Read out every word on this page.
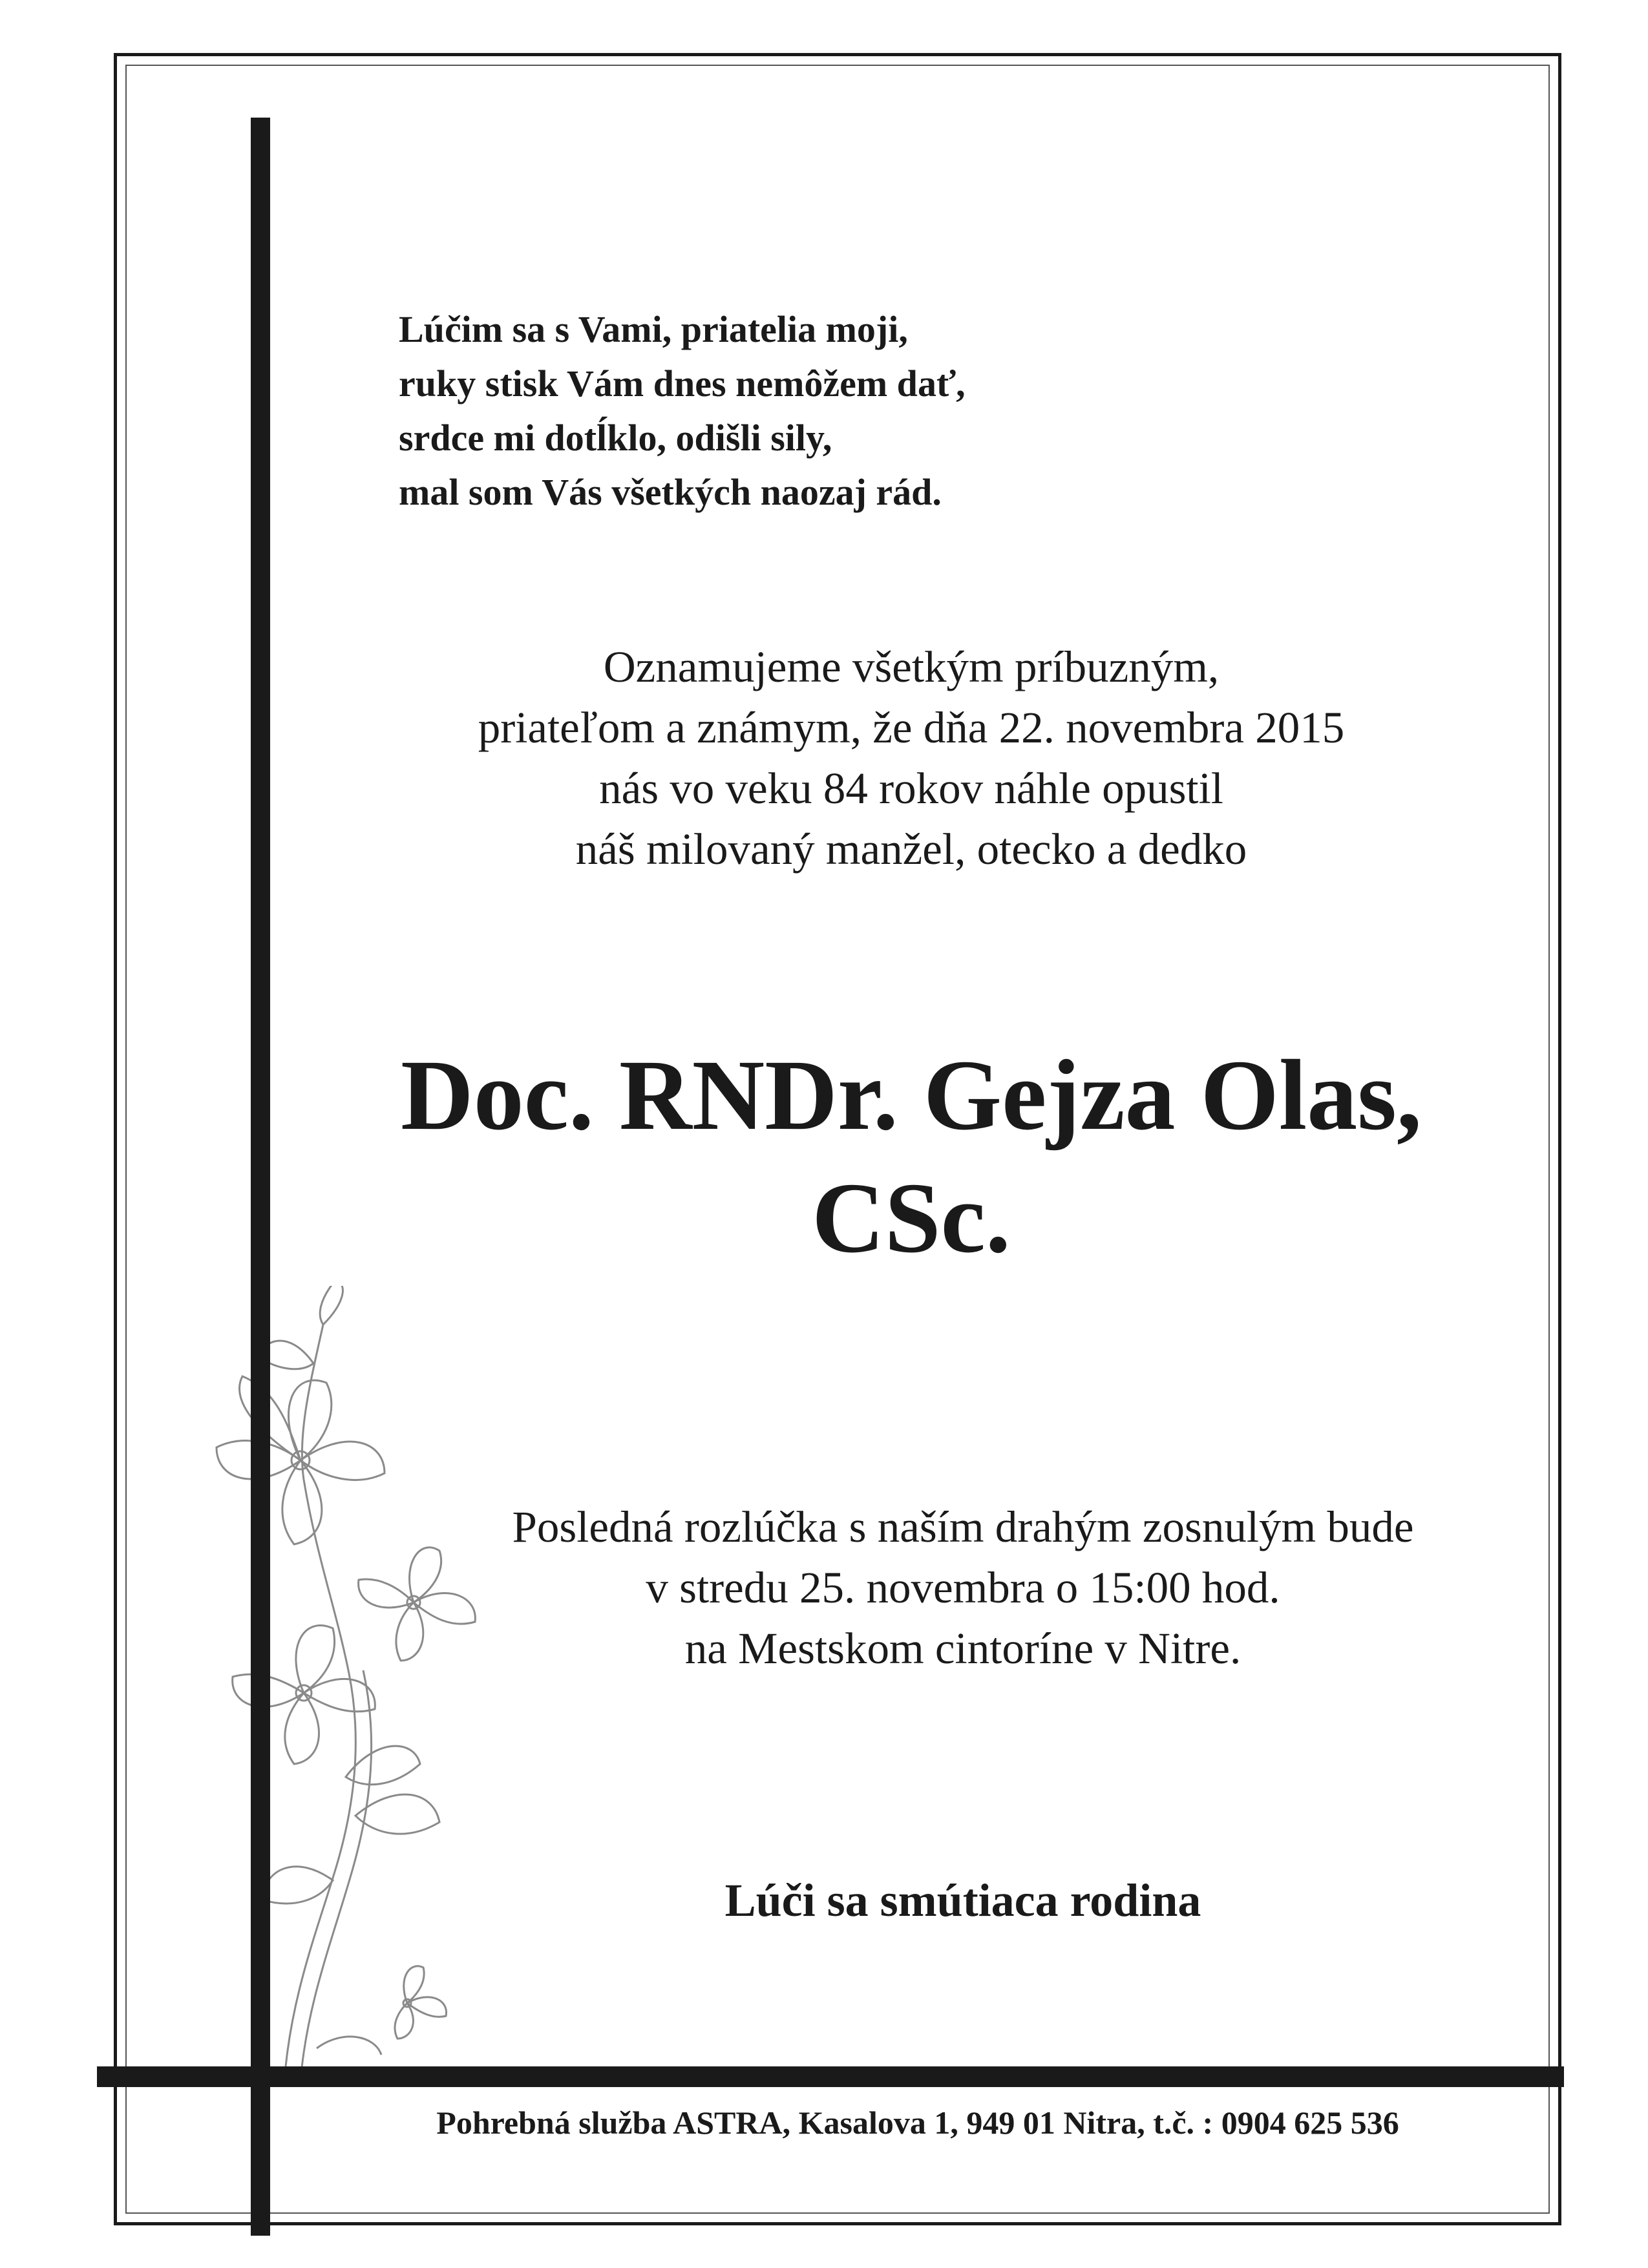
Lúčim sa s Vami, priatelia moji,
ruky stisk Vám dnes nemôžem dať,
srdce mi dotĺklo, odišli sily,
mal som Vás všetkých naozaj rád.
Oznamujeme všetkým príbuzným,
priateľom a známym, že dňa 22. novembra 2015
nás vo veku 84 rokov náhle opustil
náš milovaný manžel, otecko a dedko
Doc. RNDr. Gejza Olas,
CSc.
Posledná rozlúčka s naším drahým zosnulým bude
v stredu 25. novembra o 15:00 hod.
na Mestskom cintoríne v Nitre.
Lúči sa smútiaca rodina
Pohrebná služba ASTRA, Kasalova 1, 949 01 Nitra, t.č. : 0904 625 536
